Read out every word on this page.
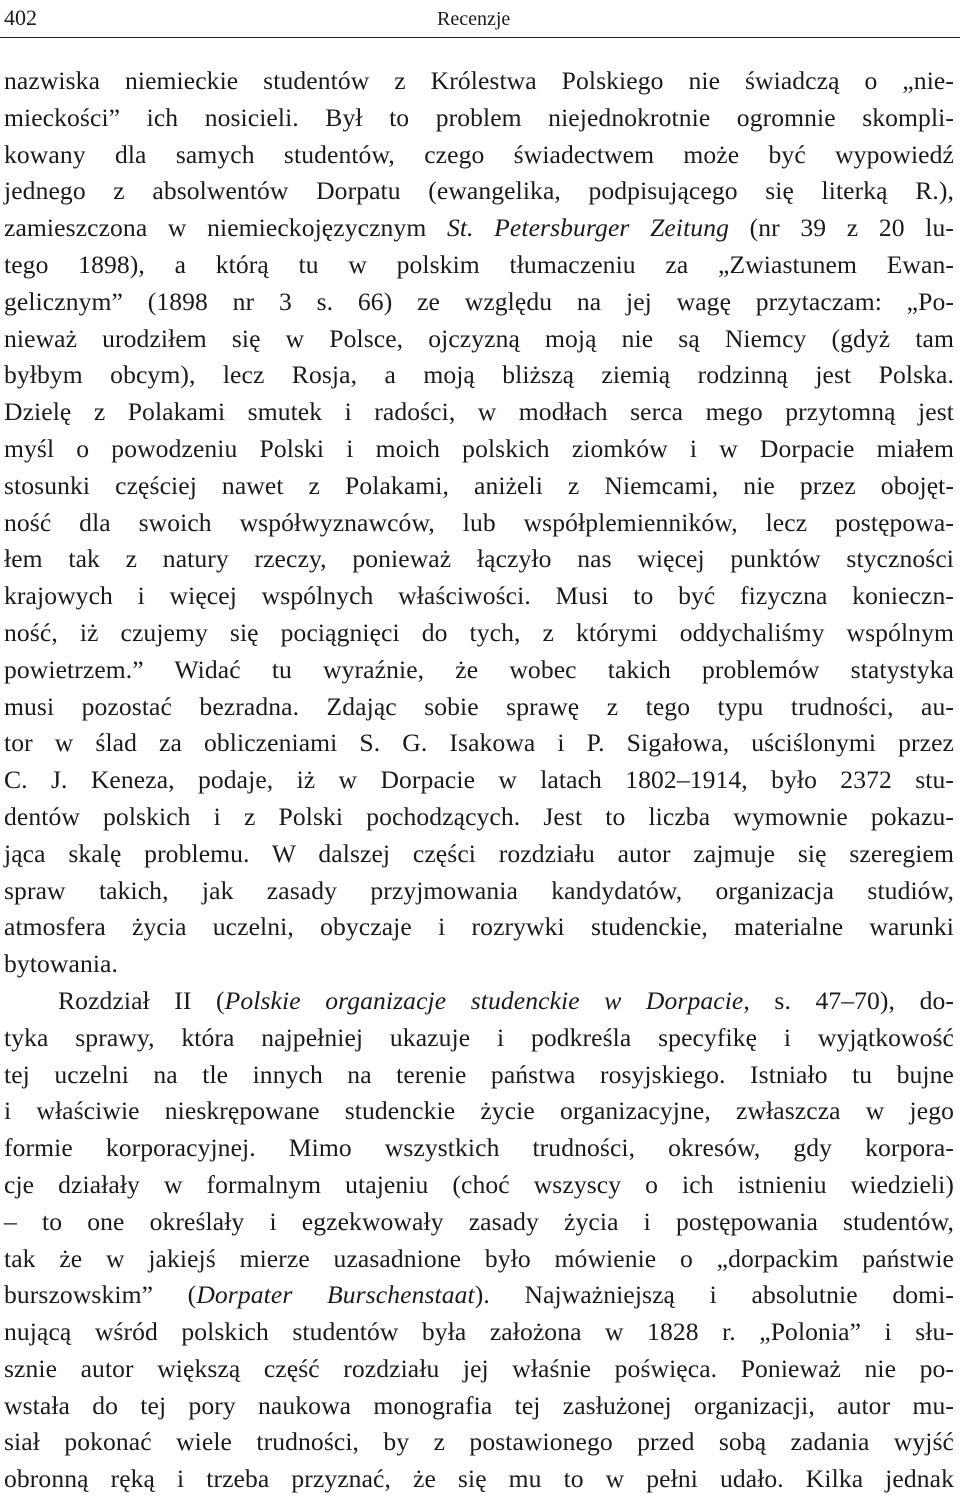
402	Recenzje
nazwiska niemieckie studentów z Królestwa Polskiego nie świadczą o „nie-
mieckości” ich nosicieli. Był to problem niejednokrotnie ogromnie skompli-
kowany dla samych studentów, czego świadectwem może być wypowiedź
jednego z absolwentów Dorpatu (ewangelika, podpisującego się literką R.),
zamieszczona w niemieckojęzycznym St. Petersburger Zeitung (nr 39 z 20 lu-
tego 1898), a którą tu w polskim tłumaczeniu za „Zwiastunem Ewan-
gelicznym” (1898 nr 3 s. 66) ze względu na jej wagę przytaczam: „Po-
nieważ urodziłem się w Polsce, ojczyzną moją nie są Niemcy (gdyż tam
byłbym obcym), lecz Rosja, a moją bliższą ziemią rodzinną jest Polska.
Dzielę z Polakami smutek i radości, w modłach serca mego przytomną jest
myśl o powodzeniu Polski i moich polskich ziomków i w Dorpacie miałem
stosunki częściej nawet z Polakami, aniżeli z Niemcami, nie przez obojęt-
ność dla swoich współwyznawców, lub współplemienników, lecz postępowa-
łem tak z natury rzeczy, ponieważ łączyło nas więcej punktów styczności
krajowych i więcej wspólnych właściwości. Musi to być fizyczna konieczn-
ność, iż czujemy się pociągnięci do tych, z którymi oddychaliśmy wspólnym
powietrzem.” Widać tu wyraźnie, że wobec takich problemów statystyka
musi pozostać bezradna. Zdając sobie sprawę z tego typu trudności, au-
tor w ślad za obliczeniami S. G. Isakowa i P. Sigałowa, uściślonymi przez
C. J. Keneza, podaje, iż w Dorpacie w latach 1802–1914, było 2372 stu-
dentów polskich i z Polski pochodzących. Jest to liczba wymownie pokazu-
jąca skalę problemu. W dalszej części rozdziału autor zajmuje się szeregiem
spraw takich, jak zasady przyjmowania kandydatów, organizacja studiów,
atmosfera życia uczelni, obyczaje i rozrywki studenckie, materialne warunki
bytowania.
Rozdział II (Polskie organizacje studenckie w Dorpacie, s. 47–70), do-
tyka sprawy, która najpełniej ukazuje i podkreśla specyfikę i wyjątkowość
tej uczelni na tle innych na terenie państwa rosyjskiego. Istniało tu bujne
i właściwie nieskrępowane studenckie życie organizacyjne, zwłaszcza w jego
formie korporacyjnej. Mimo wszystkich trudności, okresów, gdy korpora-
cje działały w formalnym utajeniu (choć wszyscy o ich istnieniu wiedzieli)
– to one określały i egzekwowały zasady życia i postępowania studentów,
tak że w jakiejś mierze uzasadnione było mówienie o „dorpackim państwie
burszowskim” (Dorpater Burschenstaat). Najważniejszą i absolutnie domi-
nującą wśród polskich studentów była założona w 1828 r. „Polonia” i słu-
sznie autor większą część rozdziału jej właśnie poświęca. Ponieważ nie po-
wstała do tej pory naukowa monografia tej zasłużonej organizacji, autor mu-
siał pokonać wiele trudności, by z postawionego przed sobą zadania wyjść
obronną ręką i trzeba przyznać, że się mu to w pełni udało. Kilka jednak
